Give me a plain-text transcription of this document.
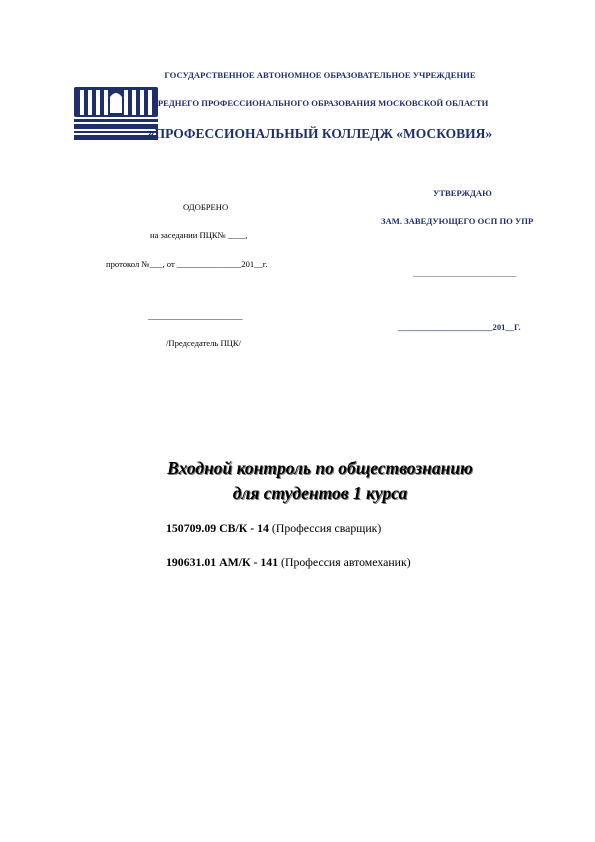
ГОСУДАРСТВЕННОЕ АВТОНОМНОЕ ОБРАЗОВАТЕЛЬНОЕ УЧРЕЖДЕНИЕ
СРЕДНЕГО ПРОФЕССИОНАЛЬНОГО ОБРАЗОВАНИЯ МОСКОВСКОЙ ОБЛАСТИ
«ПРОФЕССИОНАЛЬНЫЙ КОЛЛЕДЖ «МОСКОВИЯ»
ОДОБРЕНО
на заседании ПЦК№ ____,
протокол №___, от _______________201__г.
______________________
/Председатель ПЦК/
УТВЕРЖДАЮ
ЗАМ. ЗАВЕДУЮЩЕГО ОСП ПО УПР
________________________
______________________201__Г.
Входной контроль по обществознанию
для студентов 1 курса
150709.09 СВ/К - 14 (Профессия сварщик)
190631.01 АМ/К - 141 (Профессия автомеханик)
